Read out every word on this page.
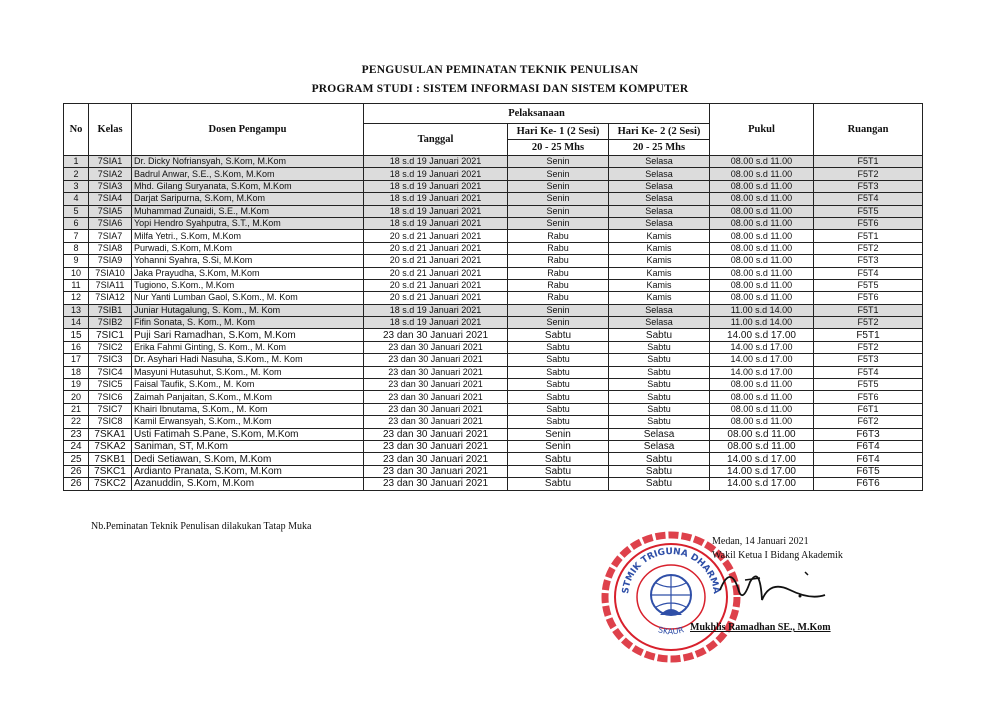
PENGUSULAN PEMINATAN TEKNIK PENULISAN
PROGRAM STUDI : SISTEM INFORMASI DAN SISTEM KOMPUTER
No	Kelas	Dosen Pengampu	Pelaksanaan			Pukul	Ruangan
			Tanggal	Hari Ke- 1 (2 Sesi)	Hari Ke- 2 (2 Sesi)		
				20 - 25 Mhs	20 - 25 Mhs		
1	7SIA1	Dr. Dicky Nofriansyah, S.Kom, M.Kom	18 s.d 19 Januari 2021	Senin	Selasa	08.00 s.d 11.00	F5T1
2	7SIA2	Badrul Anwar, S.E., S.Kom, M.Kom	18 s.d 19 Januari 2021	Senin	Selasa	08.00 s.d 11.00	F5T2
3	7SIA3	Mhd. Gilang Suryanata, S.Kom, M.Kom	18 s.d 19 Januari 2021	Senin	Selasa	08.00 s.d 11.00	F5T3
4	7SIA4	Darjat Saripurna, S.Kom, M.Kom	18 s.d 19 Januari 2021	Senin	Selasa	08.00 s.d 11.00	F5T4
5	7SIA5	Muhammad Zunaidi, S.E., M.Kom	18 s.d 19 Januari 2021	Senin	Selasa	08.00 s.d 11.00	F5T5
6	7SIA6	Yopi Hendro Syahputra, S.T., M.Kom	18 s.d 19 Januari 2021	Senin	Selasa	08.00 s.d 11.00	F5T6
7	7SIA7	Milfa Yetri., S.Kom, M.Kom	20 s.d 21 Januari 2021	Rabu	Kamis	08.00 s.d 11.00	F5T1
8	7SIA8	Purwadi, S.Kom, M.Kom	20 s.d 21 Januari 2021	Rabu	Kamis	08.00 s.d 11.00	F5T2
9	7SIA9	Yohanni Syahra, S.Si, M.Kom	20 s.d 21 Januari 2021	Rabu	Kamis	08.00 s.d 11.00	F5T3
10	7SIA10	Jaka Prayudha, S.Kom, M.Kom	20 s.d 21 Januari 2021	Rabu	Kamis	08.00 s.d 11.00	F5T4
11	7SIA11	Tugiono, S.Kom., M.Kom	20 s.d 21 Januari 2021	Rabu	Kamis	08.00 s.d 11.00	F5T5
12	7SIA12	Nur Yanti Lumban Gaol, S.Kom., M. Kom	20 s.d 21 Januari 2021	Rabu	Kamis	08.00 s.d 11.00	F5T6
13	7SIB1	Juniar Hutagalung, S. Kom., M. Kom	18 s.d 19 Januari 2021	Senin	Selasa	11.00 s.d 14.00	F5T1
14	7SIB2	Fifin Sonata, S. Kom., M. Kom	18 s.d 19 Januari 2021	Senin	Selasa	11.00 s.d 14.00	F5T2
15	7SIC1	Puji Sari Ramadhan, S.Kom, M.Kom	23 dan 30 Januari 2021	Sabtu	Sabtu	14.00 s.d 17.00	F5T1
16	7SIC2	Erika Fahmi Ginting, S. Kom., M. Kom	23 dan 30 Januari 2021	Sabtu	Sabtu	14.00 s.d 17.00	F5T2
17	7SIC3	Dr. Asyhari Hadi Nasuha, S.Kom., M. Kom	23 dan 30 Januari 2021	Sabtu	Sabtu	14.00 s.d 17.00	F5T3
18	7SIC4	Masyuni Hutasuhut, S.Kom., M. Kom	23 dan 30 Januari 2021	Sabtu	Sabtu	14.00 s.d 17.00	F5T4
19	7SIC5	Faisal Taufik, S.Kom., M. Kom	23 dan 30 Januari 2021	Sabtu	Sabtu	08.00 s.d 11.00	F5T5
20	7SIC6	Zaimah Panjaitan, S.Kom., M.Kom	23 dan 30 Januari 2021	Sabtu	Sabtu	08.00 s.d 11.00	F5T6
21	7SIC7	Khairi Ibnutama, S.Kom., M. Kom	23 dan 30 Januari 2021	Sabtu	Sabtu	08.00 s.d 11.00	F6T1
22	7SIC8	Kamil Erwansyah, S.Kom., M.Kom	23 dan 30 Januari 2021	Sabtu	Sabtu	08.00 s.d 11.00	F6T2
23	7SKA1	Usti Fatimah S.Pane, S.Kom, M.Kom	23 dan 30 Januari 2021	Senin	Selasa	08.00 s.d 11.00	F6T3
24	7SKA2	Saniman, ST, M.Kom	23 dan 30 Januari 2021	Senin	Selasa	08.00 s.d 11.00	F6T4
25	7SKB1	Dedi Setiawan, S.Kom, M.Kom	23 dan 30 Januari 2021	Sabtu	Sabtu	14.00 s.d 17.00	F6T4
26	7SKC1	Ardianto Pranata, S.Kom, M.Kom	23 dan 30 Januari 2021	Sabtu	Sabtu	14.00 s.d 17.00	F6T5
26	7SKC2	Azanuddin, S.Kom, M.Kom	23 dan 30 Januari 2021	Sabtu	Sabtu	14.00 s.d 17.00	F6T6
Nb.Peminatan Teknik Penulisan dilakukan Tatap Muka
STMIK TRIGUNA DHARMA
SKAUR
Medan, 14 Januari 2021
Wakil Ketua I Bidang Akademik
Mukhlis Ramadhan SE., M.Kom
